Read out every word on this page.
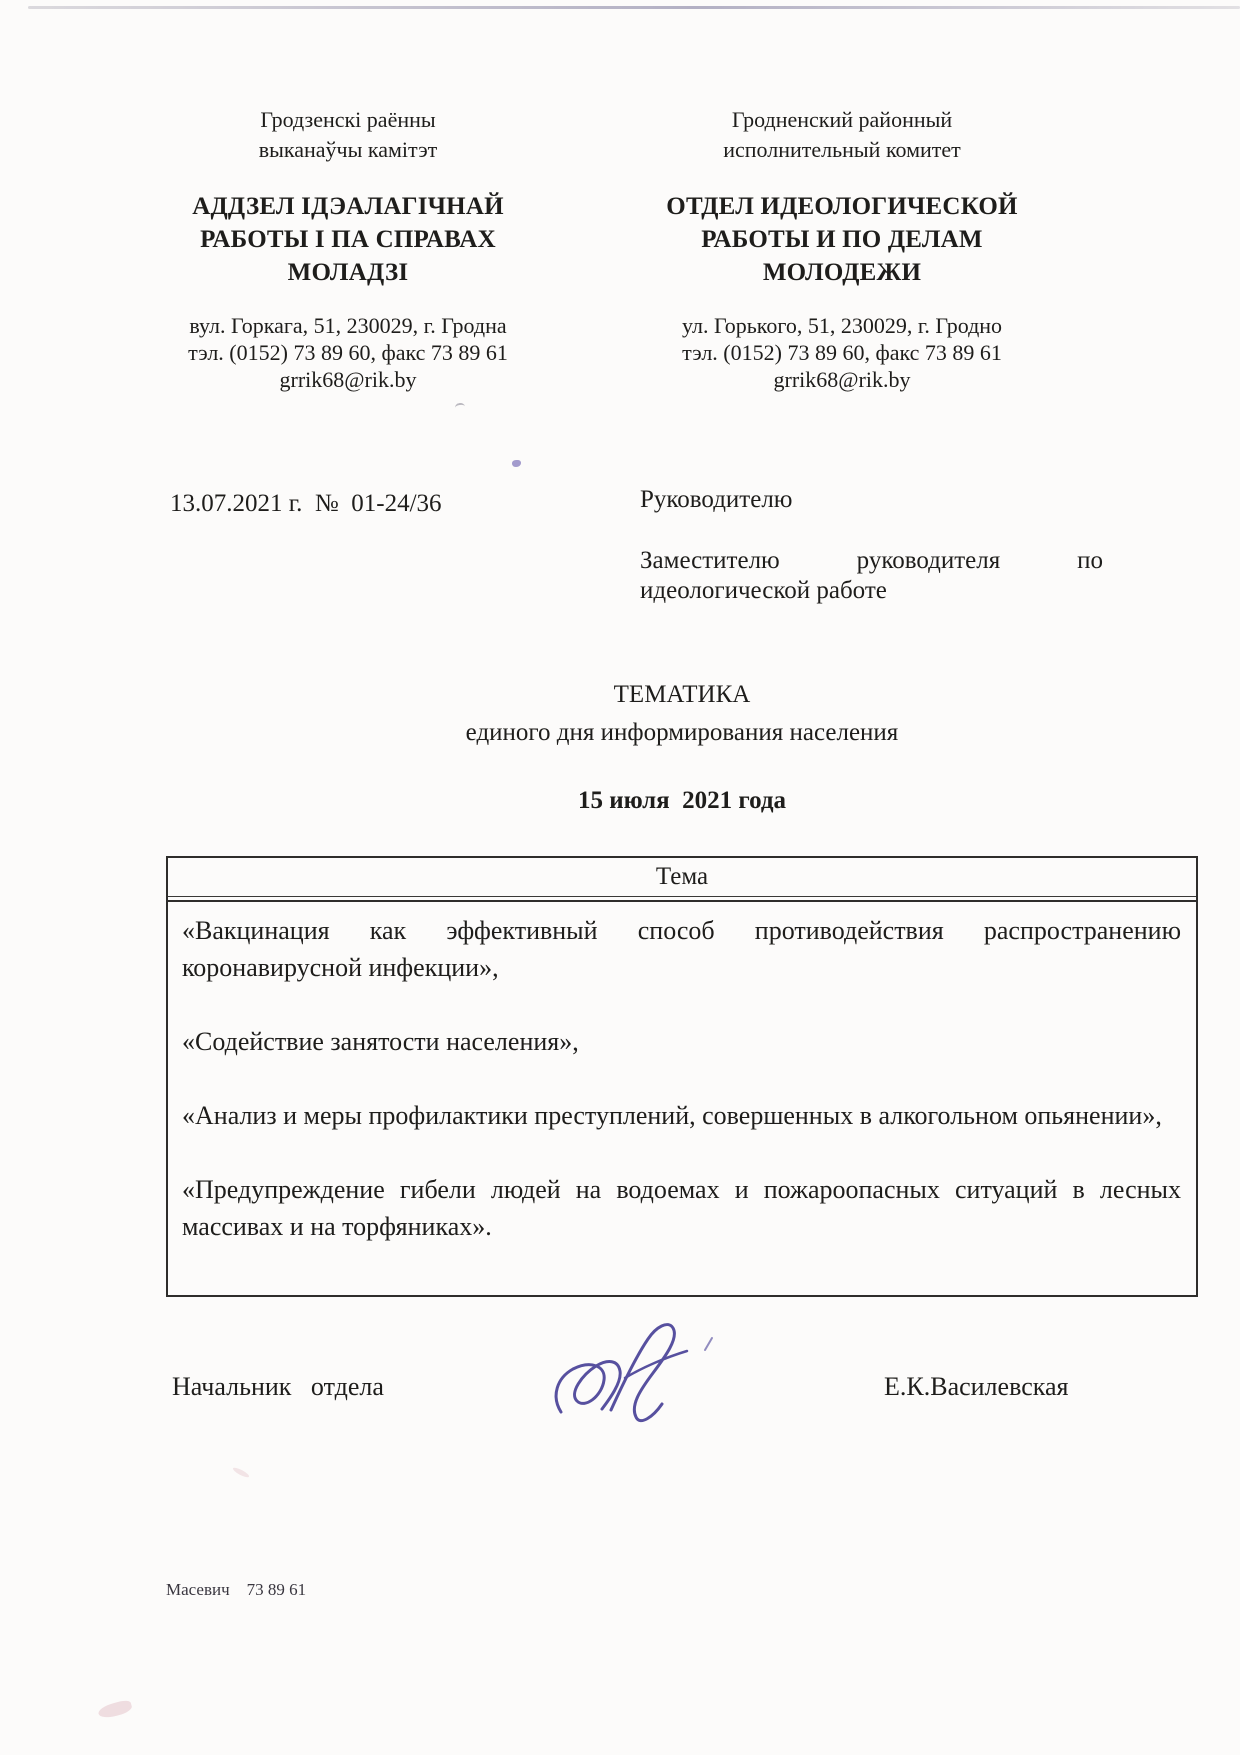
Гродзенскі раённы
выканаўчы камітэт
АДДЗЕЛ ІДЭАЛАГІЧНАЙ
РАБОТЫ І ПА СПРАВАХ
МОЛАДЗІ
вул. Горкага, 51, 230029, г. Гродна
тэл. (0152) 73 89 60, факс 73 89 61
grrik68@rik.by
Гродненский районный
исполнительный комитет
ОТДЕЛ ИДЕОЛОГИЧЕСКОЙ
РАБОТЫ И ПО ДЕЛАМ
МОЛОДЕЖИ
ул. Горького, 51, 230029, г. Гродно
тэл. (0152) 73 89 60, факс 73 89 61
grrik68@rik.by
13.07.2021 г.  №  01-24/36	Руководителю
Заместителю руководителя по идеологической работе
ТЕМАТИКА
единого дня информирования населения
15 июля  2021 года
Тема

«Вакцинация как эффективный способ противодействия распространению коронавирусной инфекции»,

«Содействие занятости населения»,

«Анализ и меры профилактики преступлений, совершенных в алкогольном опьянении»,

«Предупреждение гибели людей на водоемах и пожароопасных ситуаций в лесных массивах и на торфяниках».

Начальник   отдела	Е.К.Василевская
Масевич    73 89 61
